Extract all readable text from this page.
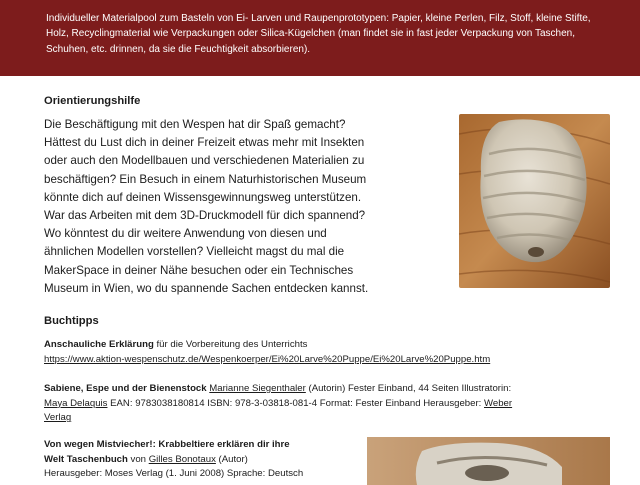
Individueller Materialpool zum Basteln von Ei- Larven und Raupenprototypen: Papier, kleine Perlen, Filz, Stoff, kleine Stifte, Holz, Recyclingmaterial wie Verpackungen oder Silica-Kügelchen (man findet sie in fast jeder Verpackung von Taschen, Schuhen, etc. drinnen, da sie die Feuchtigkeit absorbieren).

Orientierungshilfe
Die Beschäftigung mit den Wespen hat dir Spaß gemacht?
Hättest du Lust dich in deiner Freizeit etwas mehr mit Insekten
oder auch den Modellbauen und verschiedenen Materialien zu
beschäftigen? Ein Besuch in einem Naturhistorischen Museum
könnte dich auf deinen Wissensgewinnungsweg unterstützen.
War das Arbeiten mit dem 3D-Druckmodell für dich spannend?
Wo könntest du dir weitere Anwendung von diesen und
ähnlichen Modellen vorstellen? Vielleicht magst du mal die
MakerSpace in deiner Nähe besuchen oder ein Technisches
Museum in Wien, wo du spannende Sachen entdecken kannst.
Buchtipps
Anschauliche Erklärung für die Vorbereitung des Unterrichts
https://www.aktion-wespenschutz.de/Wespenkoerper/Ei%20Larve%20Puppe/Ei%20Larve%20Puppe.htm
Sabiene, Espe und der Bienenstock Marianne Siegenthaler (Autorin) Fester Einband, 44 Seiten Illustratorin:
Maya Delaquis EAN: 9783038180814 ISBN: 978-3-03818-081-4 Format: Fester Einband Herausgeber: Weber
Verlag
Von wegen Mistviecher!: Krabbeltiere erklären dir ihre
Welt Taschenbuch von Gilles Bonotaux (Autor)
Herausgeber: Moses Verlag (1. Juni 2008) Sprache: Deutsch
